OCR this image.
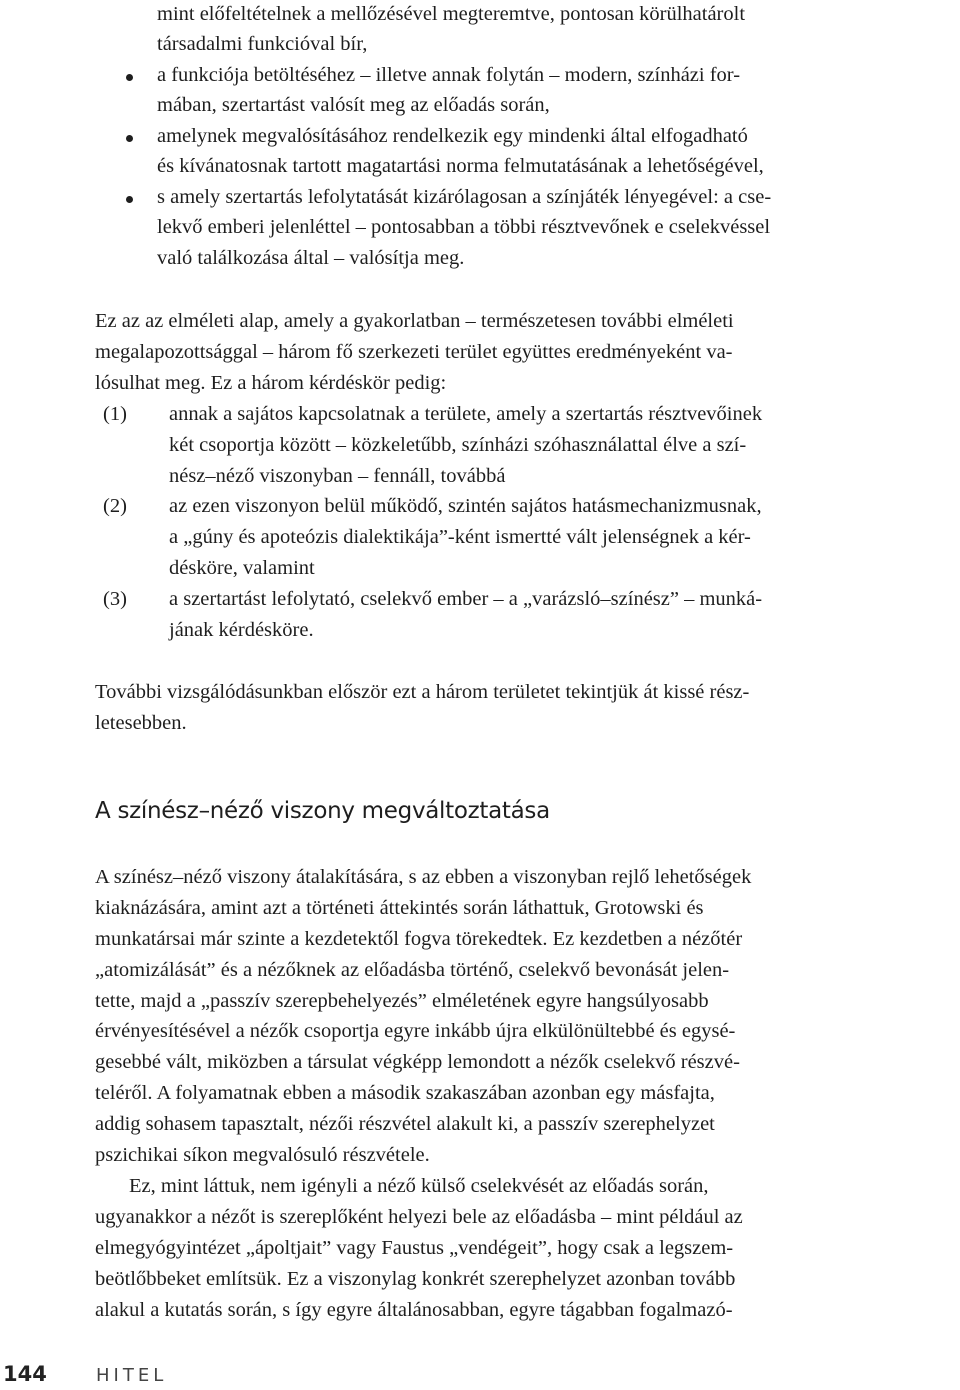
mint előfeltételnek a mellőzésével megteremtve, pontosan körülhatárolt

társadalmi funkcióval bír,

a funkciója betöltéséhez – illetve annak folytán – modern, színházi for-

mában, szertartást valósít meg az előadás során,

amelynek megvalósításához rendelkezik egy mindenki által elfogadható

és kívánatosnak tartott magatartási norma felmutatásának a lehetőségével,

s amely szertartás lefolytatását kizárólagosan a színjáték lényegével: a cse-

lekvő emberi jelenléttel – pontosabban a többi résztvevőnek e cselekvéssel

való találkozása által – valósítja meg.

Ez az az elméleti alap, amely a gyakorlatban – természetesen további elméleti

megalapozottsággal – három fő szerkezeti terület együttes eredményeként va-

lósulhat meg. Ez a három kérdéskör pedig:

(1) annak a sajátos kapcsolatnak a területe, amely a szertartás résztvevőinek

két csoportja között – közkeletűbb, színházi szóhasználattal élve a szí-

nész–néző viszonyban – fennáll, továbbá

(2) az ezen viszonyon belül működő, szintén sajátos hatásmechanizmusnak,

a „gúny és apoteózis dialektikája”-ként ismertté vált jelenségnek a kér-

désköre, valamint

(3) a szertartást lefolytató, cselekvő ember – a „varázsló–színész” – munká-

jának kérdésköre.

További vizsgálódásunkban először ezt a három területet tekintjük át kissé rész-

letesebben.

A színész–néző viszony megváltoztatása

A színész–néző viszony átalakítására, s az ebben a viszonyban rejlő lehetőségek

kiaknázására, amint azt a történeti áttekintés során láthattuk, Grotowski és

munkatársai már szinte a kezdetektől fogva törekedtek. Ez kezdetben a nézőtér

„atomizálását” és a nézőknek az előadásba történő, cselekvő bevonását jelen-

tette, majd a „passzív szerepbehelyezés” elméletének egyre hangsúlyosabb

érvényesítésével a nézők csoportja egyre inkább újra elkülönültebbé és egysé-

gesebbé vált, miközben a társulat végképp lemondott a nézők cselekvő részvé-

teléről. A folyamatnak ebben a második szakaszában azonban egy másfajta,

addig sohasem tapasztalt, nézői részvétel alakult ki, a passzív szerephelyzet

pszichikai síkon megvalósuló részvétele.

Ez, mint láttuk, nem igényli a néző külső cselekvését az előadás során,

ugyanakkor a nézőt is szereplőként helyezi bele az előadásba – mint például az

elmegyógyintézet „ápoltjait” vagy Faustus „vendégeit”, hogy csak a legszem-

beötlőbbeket említsük. Ez a viszonylag konkrét szerephelyzet azonban tovább

alakul a kutatás során, s így egyre általánosabban, egyre tágabban fogalmazó-

144	HITEL
